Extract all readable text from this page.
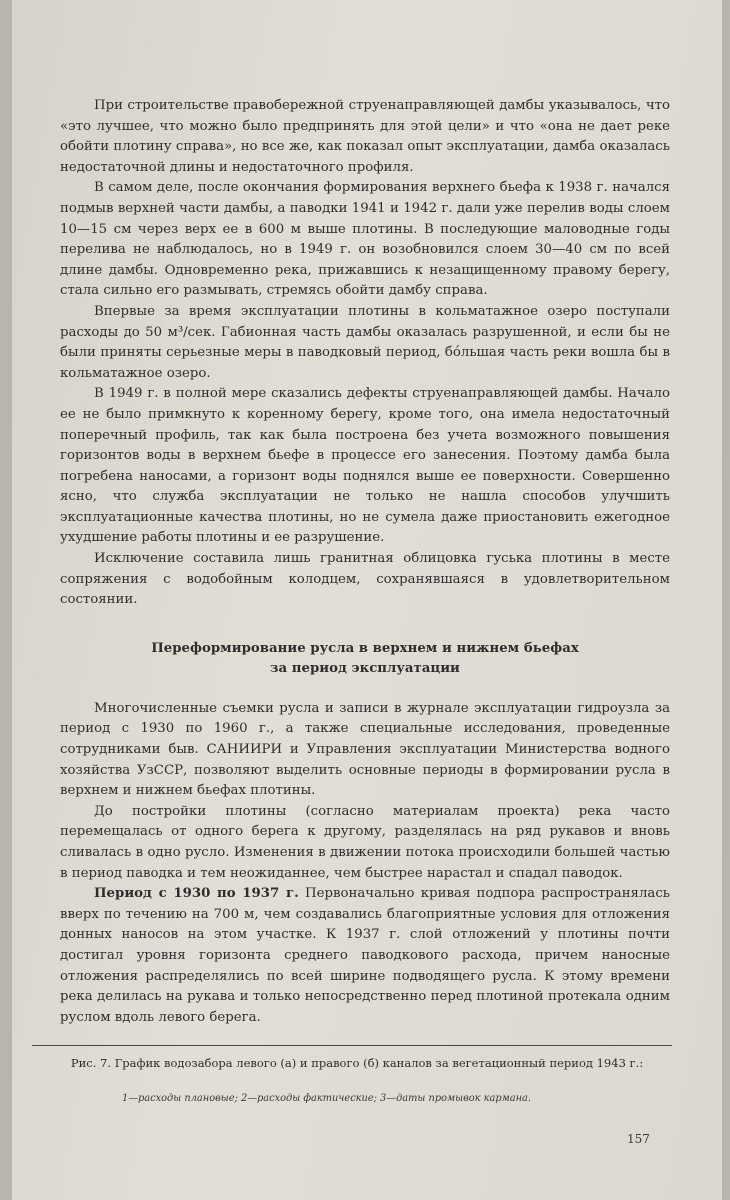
При строительстве правобережной струенаправляющей дамбы указывалось, что «это лучшее, что можно было предпринять для этой цели» и что «она не дает реке обойти плотину справа», но все же, как показал опыт эксплуатации, дамба оказалась недостаточной длины и недостаточного профиля.

В самом деле, после окончания формирования верхнего бьефа к 1938 г. начался подмыв верхней части дамбы, а паводки 1941 и 1942 г. дали уже перелив воды слоем 10—15 см через верх ее в 600 м выше плотины. В последующие маловодные годы перелива не наблюдалось, но в 1949 г. он возобновился слоем 30—40 см по всей длине дамбы. Одновременно река, прижавшись к незащищенному правому берегу, стала сильно его размывать, стремясь обойти дамбу справа.

Впервые за время эксплуатации плотины в кольматажное озеро поступали расходы до 50 м³/сек. Габионная часть дамбы оказалась разрушенной, и если бы не были приняты серьезные меры в паводковый период, бóльшая часть реки вошла бы в кольматажное озеро.

В 1949 г. в полной мере сказались дефекты струенаправляющей дамбы. Начало ее не было примкнуто к коренному берегу, кроме того, она имела недостаточный поперечный профиль, так как была построена без учета возможного повышения горизонтов воды в верхнем бьефе в процессе его занесения. Поэтому дамба была погребена наносами, а горизонт воды поднялся выше ее поверхности. Совершенно ясно, что служба эксплуатации не только не нашла способов улучшить эксплуатационные качества плотины, но не сумела даже приостановить ежегодное ухудшение работы плотины и ее разрушение.

Исключение составила лишь гранитная облицовка гуська плотины в месте сопряжения с водобойным колодцем, сохранявшаяся в удовлетворительном состоянии.

Переформирование русла в верхнем и нижнем бьефах
за период эксплуатации

Многочисленные съемки русла и записи в журнале эксплуатации гидроузла за период с 1930 по 1960 г., а также специальные исследования, проведенные сотрудниками быв. САНИИРИ и Управления эксплуатации Министерства водного хозяйства УзССР, позволяют выделить основные периоды в формировании русла в верхнем и нижнем бьефах плотины.

До постройки плотины (согласно материалам проекта) река часто перемещалась от одного берега к другому, разделялась на ряд рукавов и вновь сливалась в одно русло. Изменения в движении потока происходили большей частью в период паводка и тем неожиданнее, чем быстрее нарастал и спадал паводок.

Период с 1930 по 1937 г. Первоначально кривая подпора распространялась вверх по течению на 700 м, чем создавались благоприятные условия для отложения донных наносов на этом участке. К 1937 г. слой отложений у плотины почти достигал уровня горизонта среднего паводкового расхода, причем наносные отложения распределялись по всей ширине подводящего русла. К этому времени река делилась на рукава и только непосредственно перед плотиной протекала одним руслом вдоль левого берега.

Рис. 7. График водозабора левого (а) и правого (б) каналов за вегетационный период 1943 г.:
1—расходы плановые; 2—расходы фактические; 3—даты промывок кармана.
157
